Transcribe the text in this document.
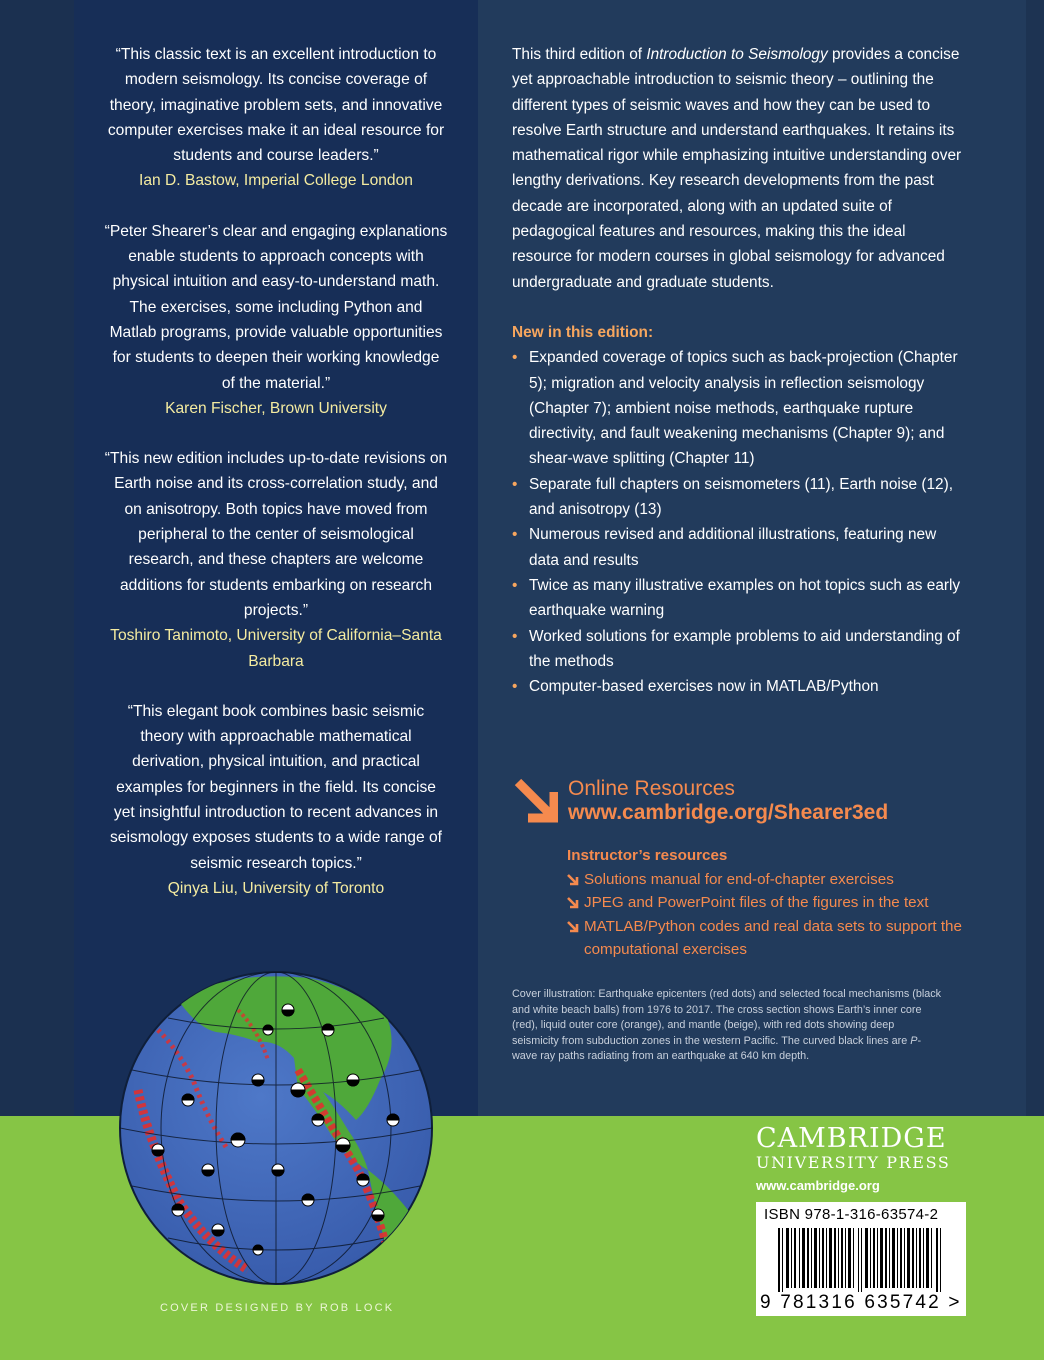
“This classic text is an excellent introduction to modern seismology. Its concise coverage of theory, imaginative problem sets, and innovative computer exercises make it an ideal resource for students and course leaders.”

Ian D. Bastow, Imperial College London

“Peter Shearer’s clear and engaging explanations enable students to approach concepts with physical intuition and easy-to-understand math. The exercises, some including Python and Matlab programs, provide valuable opportunities for students to deepen their working knowledge of the material.”

Karen Fischer, Brown University

“This new edition includes up-to-date revisions on Earth noise and its cross-correlation study, and on anisotropy. Both topics have moved from peripheral to the center of seismological research, and these chapters are welcome additions for students embarking on research projects.”

Toshiro Tanimoto, University of California–Santa Barbara

“This elegant book combines basic seismic theory with approachable mathematical derivation, physical intuition, and practical examples for beginners in the field. Its concise yet insightful introduction to recent advances in seismology exposes students to a wide range of seismic research topics.”

Qinya Liu, University of Toronto

This third edition of Introduction to Seismology provides a concise yet approachable introduction to seismic theory – outlining the different types of seismic waves and how they can be used to resolve Earth structure and understand earthquakes. It retains its mathematical rigor while emphasizing intuitive understanding over lengthy derivations. Key research developments from the past decade are incorporated, along with an updated suite of pedagogical features and resources, making this the ideal resource for modern courses in global seismology for advanced undergraduate and graduate students.

New in this edition:

• Expanded coverage of topics such as back-projection (Chapter 5); migration and velocity analysis in reflection seismology (Chapter 7); ambient noise methods, earthquake rupture directivity, and fault weakening mechanisms (Chapter 9); and shear-wave splitting (Chapter 11)
• Separate full chapters on seismometers (11), Earth noise (12), and anisotropy (13)
• Numerous revised and additional illustrations, featuring new data and results
• Twice as many illustrative examples on hot topics such as early earthquake warning
• Worked solutions for example problems to aid understanding of the methods
• Computer-based exercises now in MATLAB/Python
Online Resources
www.cambridge.org/Shearer3ed
Instructor’s resources
Solutions manual for end-of-chapter exercises
JPEG and PowerPoint files of the figures in the text
MATLAB/Python codes and real data sets to support the computational exercises
Cover illustration: Earthquake epicenters (red dots) and selected focal mechanisms (black and white beach balls) from 1976 to 2017. The cross section shows Earth’s inner core (red), liquid outer core (orange), and mantle (beige), with red dots showing deep seismicity from subduction zones in the western Pacific. The curved black lines are P-wave ray paths radiating from an earthquake at 640 km depth.
COVER DESIGNED BY ROB LOCK
CAMBRIDGE
UNIVERSITY PRESS
www.cambridge.org
ISBN 978-1-316-63574-2
9 781316 635742 >
